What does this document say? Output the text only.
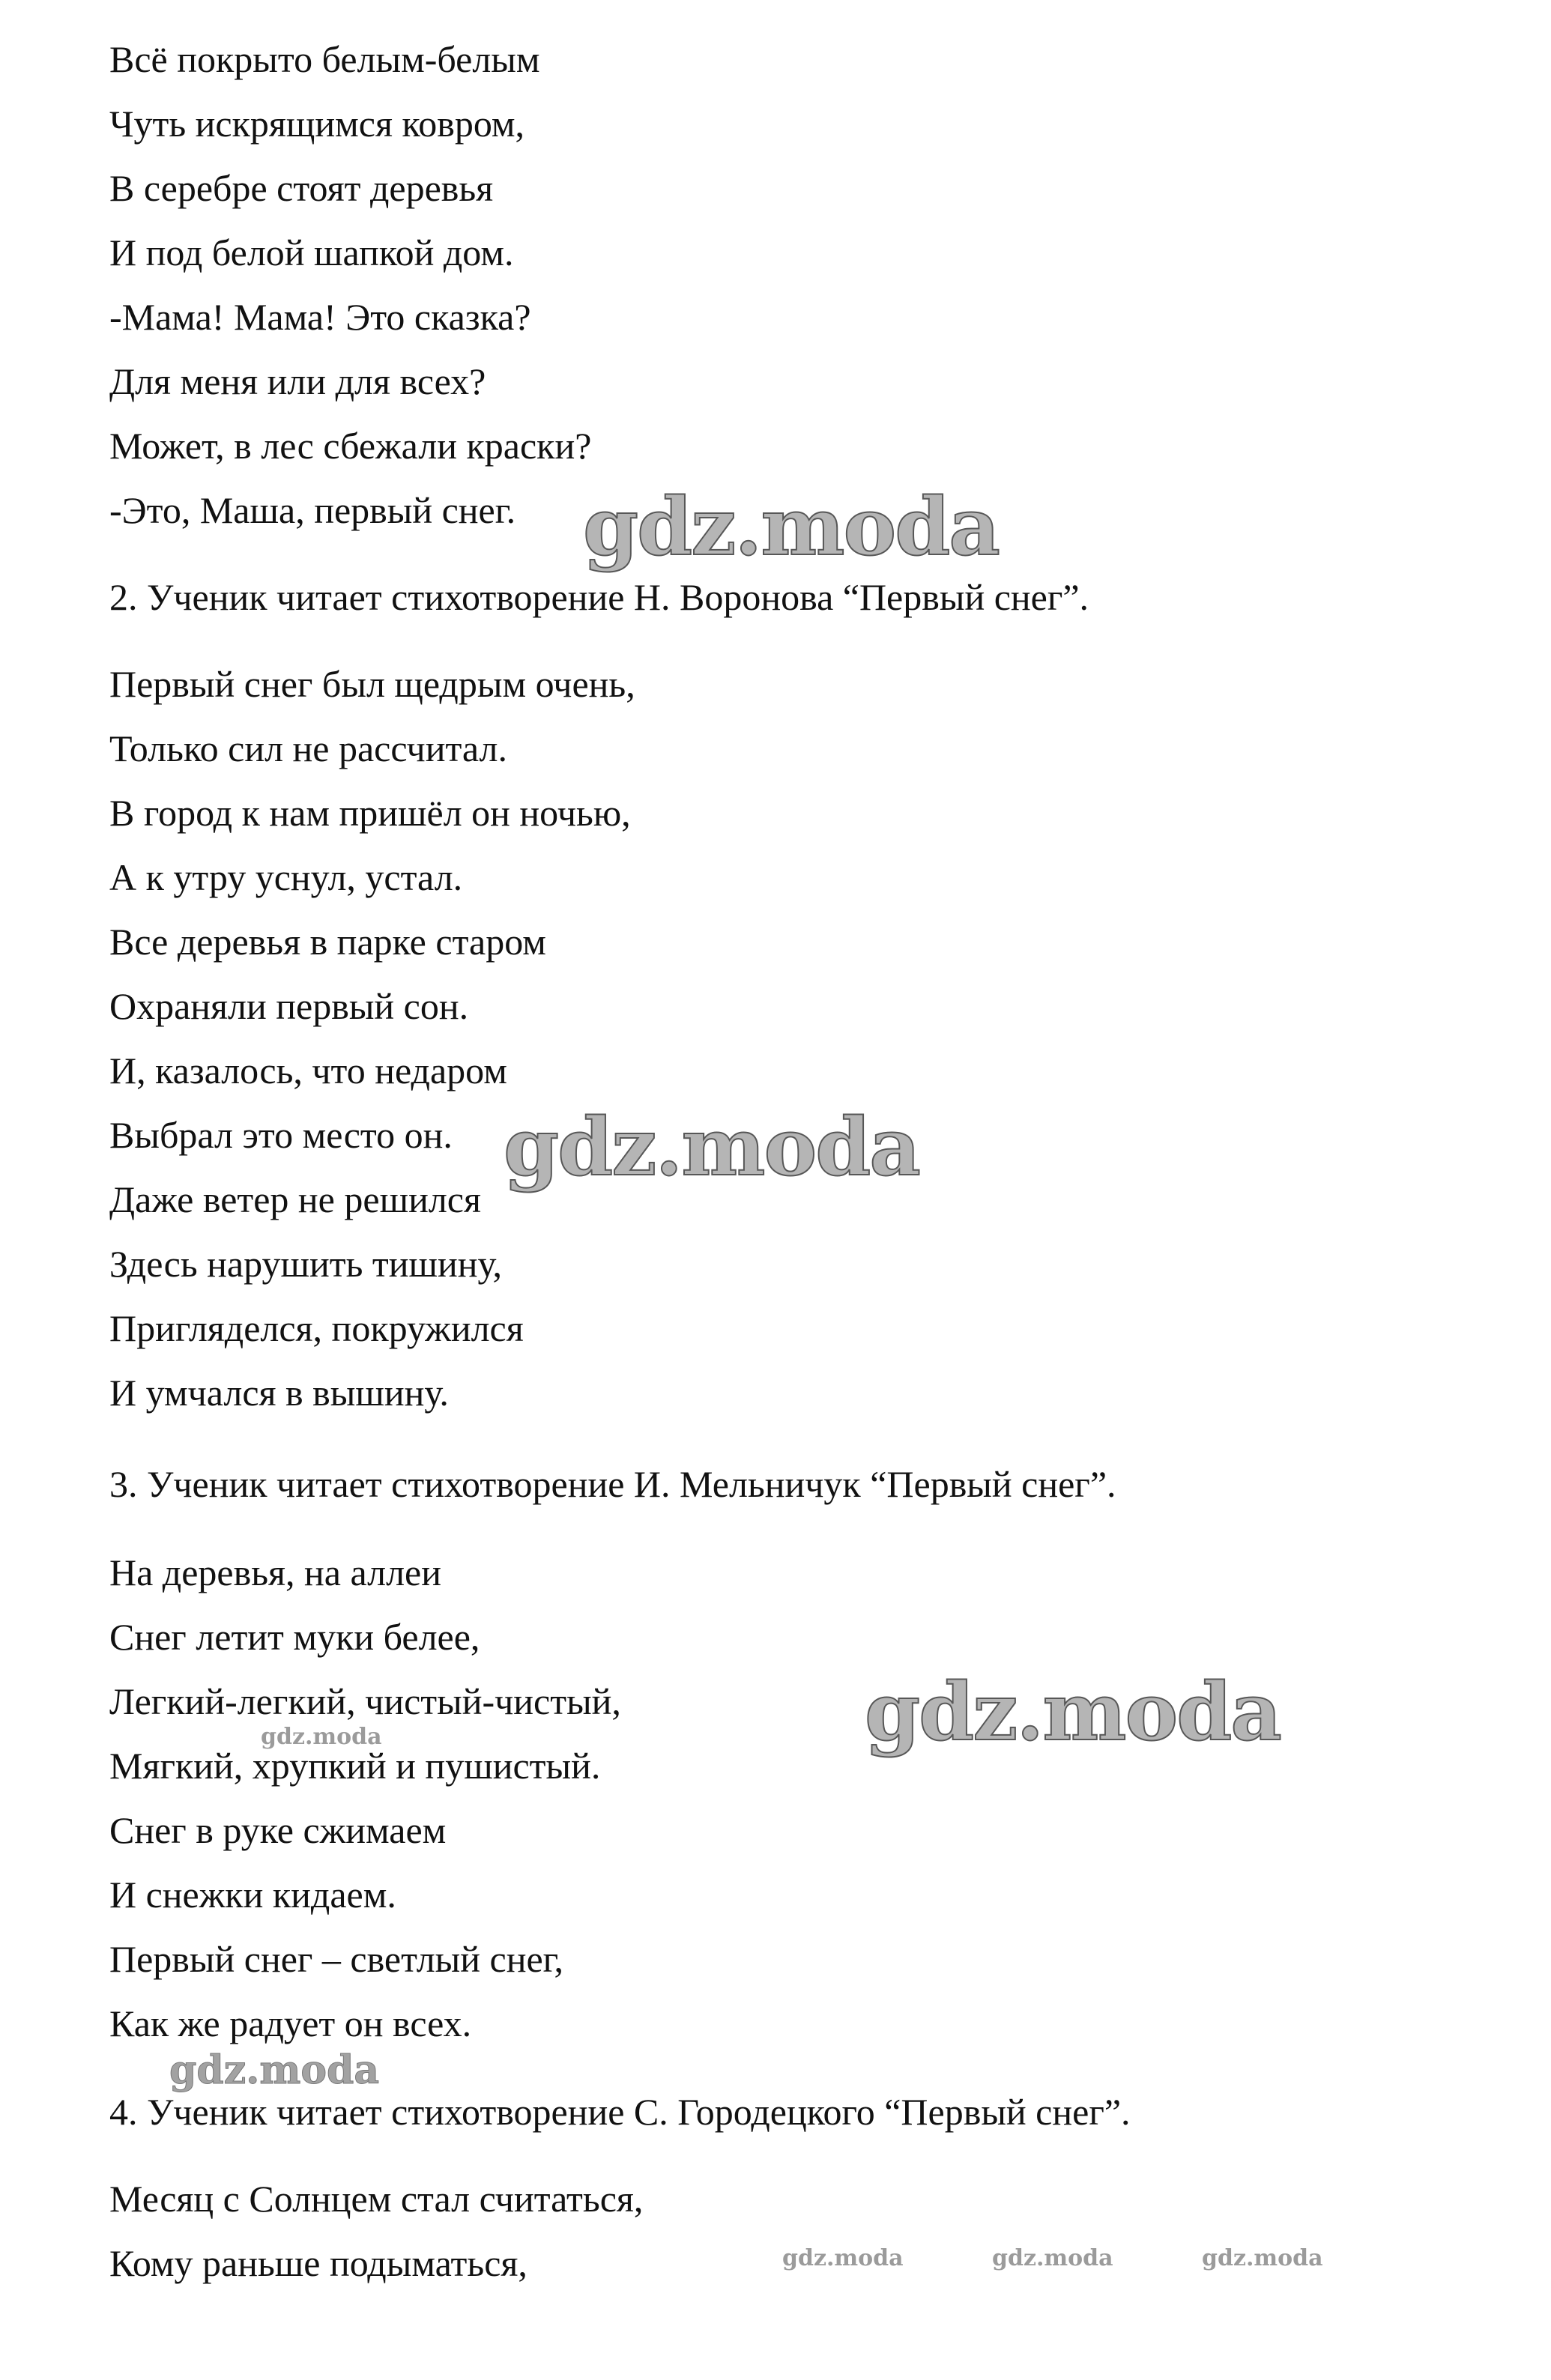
Всё покрыто белым-белым

Чуть искрящимся ковром,

В серебре стоят деревья

И под белой шапкой дом.

-Мама! Мама! Это сказка?

Для меня или для всех?

Может, в лес сбежали краски?

-Это, Маша, первый снег.

2. Ученик читает стихотворение Н. Воронова “Первый снег”.

Первый снег был щедрым очень,

Только сил не рассчитал.

В город к нам пришёл он ночью,

А к утру уснул, устал.

Все деревья в парке старом

Охраняли первый сон.

И, казалось, что недаром

Выбрал это место он.

Даже ветер не решился

Здесь нарушить тишину,

Пригляделся, покружился

И умчался в вышину.

3. Ученик читает стихотворение И. Мельничук “Первый снег”.

На деревья, на аллеи

Снег летит муки белее,

Легкий-легкий, чистый-чистый,

Мягкий, хрупкий и пушистый.

Снег в руке сжимаем

И снежки кидаем.

Первый снег – светлый снег,

Как же радует он всех.

4. Ученик читает стихотворение С. Городецкого “Первый снег”.

Месяц с Солнцем стал считаться,

Кому раньше подыматься,

gdz.moda
gdz.moda
gdz.moda
gdz.moda
gdz.moda
gdz.moda	gdz.moda	gdz.moda
